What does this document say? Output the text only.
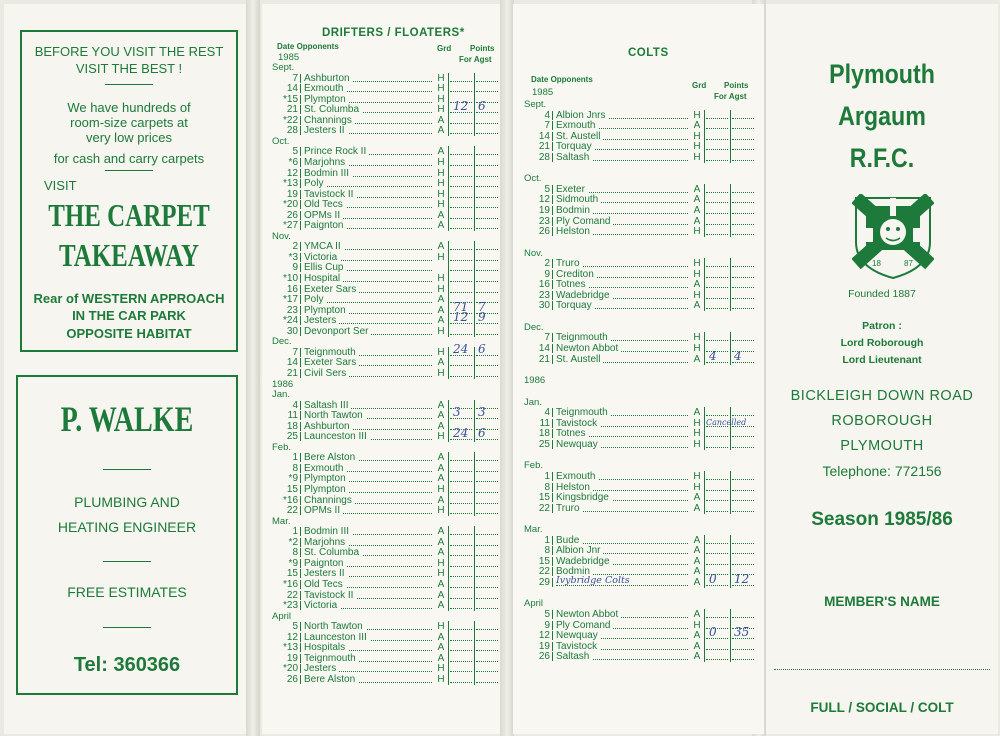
BEFORE YOU VISIT THE REST
VISIT THE BEST !
We have hundreds of
room-size carpets at
very low prices
for cash and carry carpets
VISIT
THE CARPET
TAKEAWAY
Rear of WESTERN APPROACH
IN THE CAR PARK
OPPOSITE HABITAT
P. WALKE
PLUMBING AND
HEATING ENGINEER
FREE ESTIMATES
Tel: 360366
DRIFTERS / FLOATERS*
Date Opponents	Grd Points
For Agst
1985
Sept.
7 Ashburton	H
14 Exmouth	H
*15 Plympton	H
21 St. Columba	H 12 6
*22 Channings	A
28 Jesters II	A
Oct.
5 Prince Rock II	A
*6 Marjohns	H
12 Bodmin III	H
*13 Poly	H
19 Tavistock II	H
*20 Old Tecs	H
26 OPMs II	A
*27 Paignton	A
Nov.
2 YMCA II	A
*3 Victoria	H
9 Ellis Cup
*10 Hospital	H
16 Exeter Sars	H
*17 Poly	A
23 Plympton	A 71 7
*24 Jesters	A 12 9
30 Devonport Ser	H
Dec.
7 Teignmouth	H 24 6
14 Exeter Sars	A
21 Civil Sers	H
1986
Jan.
4 Saltash III	A
11 North Tawton	A 3 3
18 Ashburton	A
25 Launceston III	H 24 6
Feb.
1 Bere Alston	A
8 Exmouth	A
*9 Plympton	A
15 Plympton	H
*16 Channings	A
22 OPMs II	H
Mar.
1 Bodmin III	A
*2 Marjohns	A
8 St. Columba	A
*9 Paignton	H
15 Jesters II	H
*16 Old Tecs	A
22 Tavistock II	A
*23 Victoria	A
April
5 North Tawton	H
12 Launceston III	A
*13 Hospitals	A
19 Teignmouth	A
*20 Jesters	H
26 Bere Alston	H
COLTS
Date Opponents
Grd Points
For Agst
1985
Sept.
4 Albion Jnrs	H
7 Exmouth	A
14 St. Austell	H
21 Torquay	H
28 Saltash	H
Oct.
5 Exeter	A
12 Sidmouth	A
19 Bodmin	A
23 Ply Comand	A
26 Helston	H
Nov.
2 Truro	H
9 Crediton	H
16 Totnes	A
23 Wadebridge	H
30 Torquay	A
Dec.
7 Teignmouth	H
14 Newton Abbot	H
21 St. Austell	A 4 4
1986
Jan.
4 Teignmouth	A
11 Tavistock	H Cancelled
18 Totnes	H
25 Newquay	H
Feb.
1 Exmouth	H
8 Helston	H
15 Kingsbridge	A
22 Truro	A
Mar.
1 Bude	A
8 Albion Jnr	A
15 Wadebridge	A
22 Bodmin	A
29 Ivybridge Colts	A 0 12
April
5 Newton Abbot	A
9 Ply Comand	H
12 Newquay	A 0 35
19 Tavistock	A
26 Saltash	A
Plymouth
Argaum
R.F.C.
18	87
Founded 1887
Patron :
Lord Roborough
Lord Lieutenant
BICKLEIGH DOWN ROAD
ROBOROUGH
PLYMOUTH
Telephone: 772156
Season 1985/86
MEMBER'S NAME
FULL / SOCIAL / COLT
